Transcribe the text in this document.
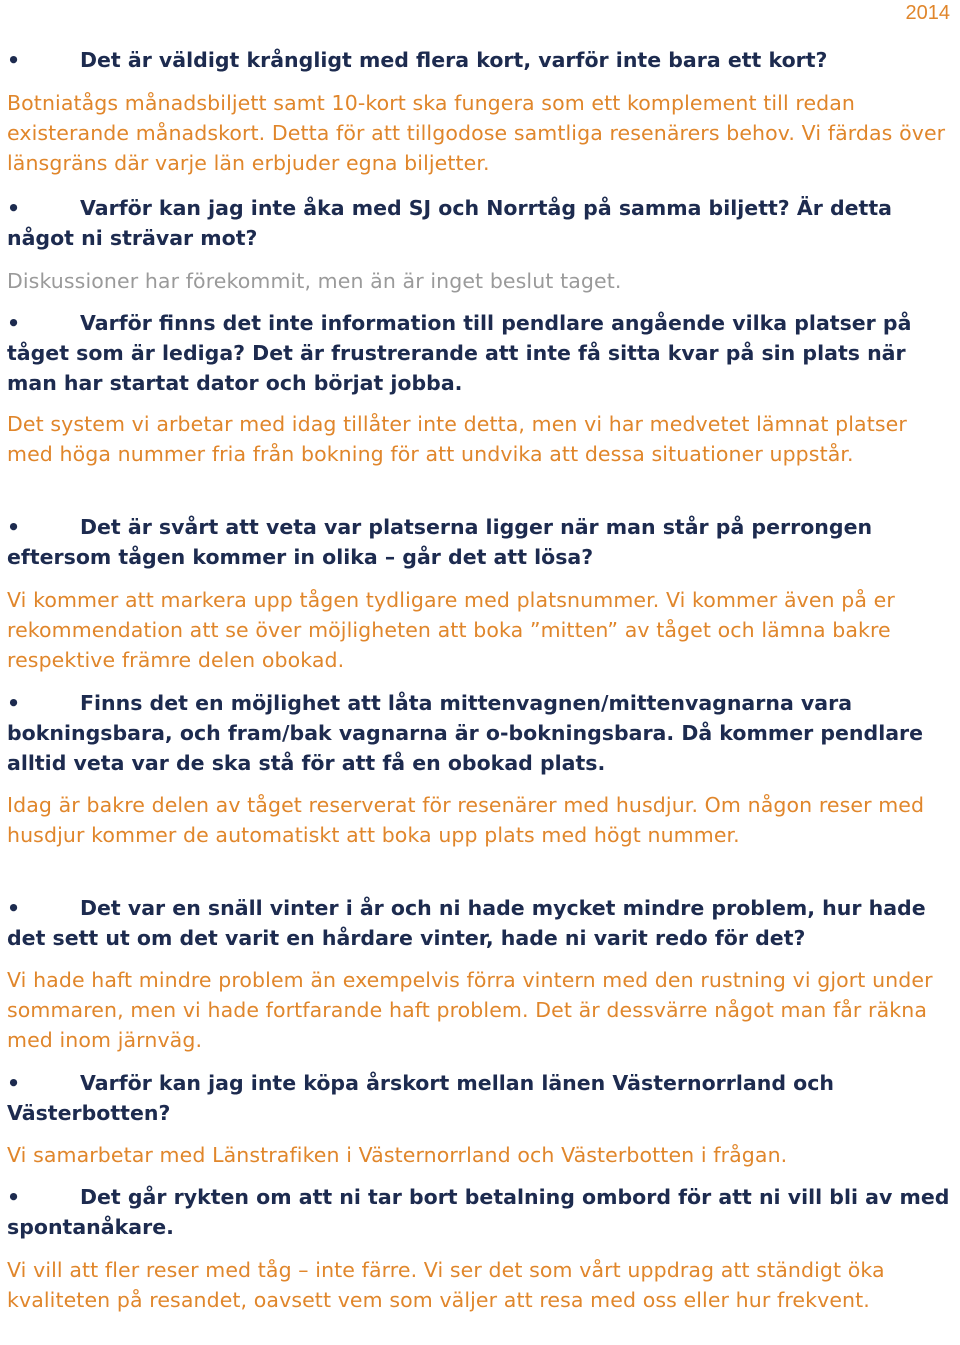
2014

•	Det är väldigt krångligt med flera kort, varför inte bara ett kort?

Botniatågs månadsbiljett samt 10-kort ska fungera som ett komplement till redan existerande månadskort. Detta för att tillgodose samtliga resenärers behov. Vi färdas över länsgräns där varje län erbjuder egna biljetter.

•	Varför kan jag inte åka med SJ och Norrtåg på samma biljett? Är detta något ni strävar mot?

Diskussioner har förekommit, men än är inget beslut taget.

•	Varför finns det inte information till pendlare angående vilka platser på tåget som är lediga? Det är frustrerande att inte få sitta kvar på sin plats när man har startat dator och börjat jobba.

Det system vi arbetar med idag tillåter inte detta, men vi har medvetet lämnat platser med höga nummer fria från bokning för att undvika att dessa situationer uppstår.

•	Det är svårt att veta var platserna ligger när man står på perrongen eftersom tågen kommer in olika – går det att lösa?

Vi kommer att markera upp tågen tydligare med platsnummer. Vi kommer även på er rekommendation att se över möjligheten att boka ”mitten” av tåget och lämna bakre respektive främre delen obokad.

•	Finns det en möjlighet att låta mittenvagnen/mittenvagnarna vara bokningsbara, och fram/bak vagnarna är o-bokningsbara. Då kommer pendlare alltid veta var de ska stå för att få en obokad plats.

Idag är bakre delen av tåget reserverat för resenärer med husdjur. Om någon reser med husdjur kommer de automatiskt att boka upp plats med högt nummer.

•	Det var en snäll vinter i år och ni hade mycket mindre problem, hur hade det sett ut om det varit en hårdare vinter, hade ni varit redo för det?

Vi hade haft mindre problem än exempelvis förra vintern med den rustning vi gjort under sommaren, men vi hade fortfarande haft problem. Det är dessvärre något man får räkna med inom järnväg.

•	Varför kan jag inte köpa årskort mellan länen Västernorrland och Västerbotten?

Vi samarbetar med Länstrafiken i Västernorrland och Västerbotten i frågan.

•	Det går rykten om att ni tar bort betalning ombord för att ni vill bli av med spontanåkare.

Vi vill att fler reser med tåg – inte färre. Vi ser det som vårt uppdrag att ständigt öka kvaliteten på resandet, oavsett vem som väljer att resa med oss eller hur frekvent.
